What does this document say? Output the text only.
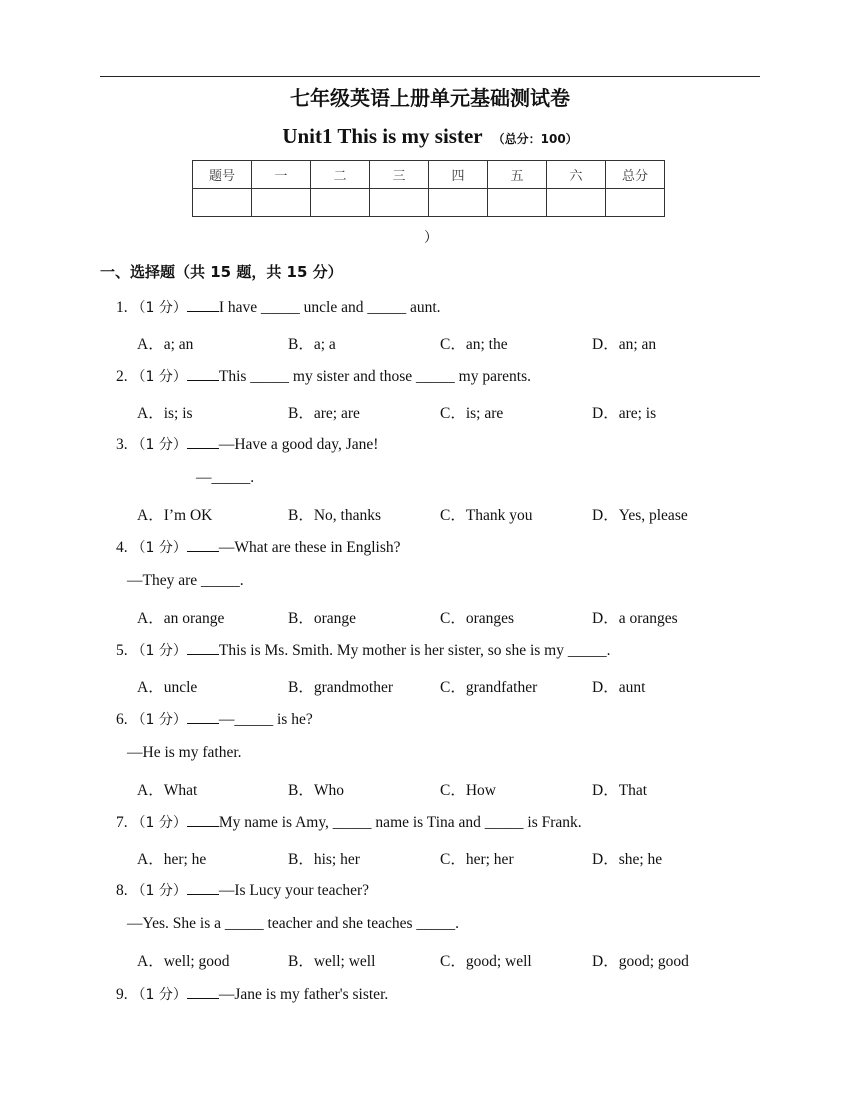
七年级英语上册单元基础测试卷
Unit1 This is my sister （总分：100）
题号	一	二	三	四	五	六	总分

）
一、选择题（共 15 题，共 15 分）
1. （1 分） I have _____ uncle and _____ aunt.
A．a; an	B．a; a	C．an; the	D．an; an
2. （1 分） This _____ my sister and those _____ my parents.
A．is; is	B．are; are	C．is; are	D．are; is
3. （1 分） —Have a good day, Jane!
—_____.
A．I’m OK	B．No, thanks	C．Thank you	D．Yes, please
4. （1 分） —What are these in English?
—They are _____.
A．an orange	B．orange	C．oranges	D．a oranges
5. （1 分） This is Ms. Smith. My mother is her sister, so she is my _____.
A．uncle	B．grandmother	C．grandfather	D．aunt
6. （1 分） —_____ is he?
—He is my father.
A．What	B．Who	C．How	D．That
7. （1 分） My name is Amy, _____ name is Tina and _____ is Frank.
A．her; he	B．his; her	C．her; her	D．she; he
8. （1 分） —Is Lucy your teacher?
—Yes. She is a _____ teacher and she teaches _____.
A．well; good	B．well; well	C．good; well	D．good; good
9. （1 分） —Jane is my father's sister.
